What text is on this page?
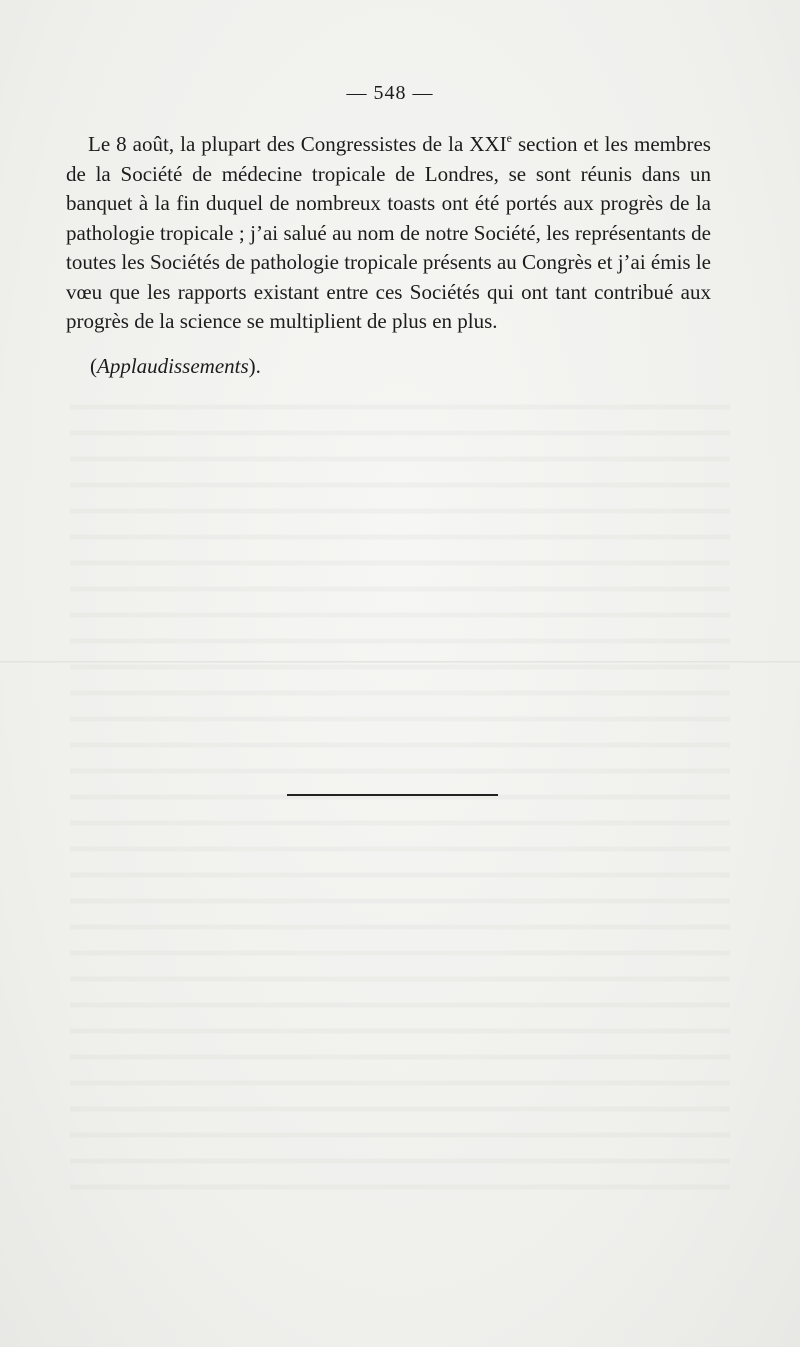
— 548 —

Le 8 août, la plupart des Congressistes de la XXIe section et les membres de la Société de médecine tropicale de Londres, se sont réunis dans un banquet à la fin duquel de nombreux toasts ont été portés aux progrès de la pathologie tropicale ; j’ai salué au nom de notre Société, les représentants de toutes les Sociétés de pathologie tropicale présents au Congrès et j’ai émis le vœu que les rapports existant entre ces Sociétés qui ont tant contribué aux progrès de la science se multiplient de plus en plus.

(Applaudissements).
